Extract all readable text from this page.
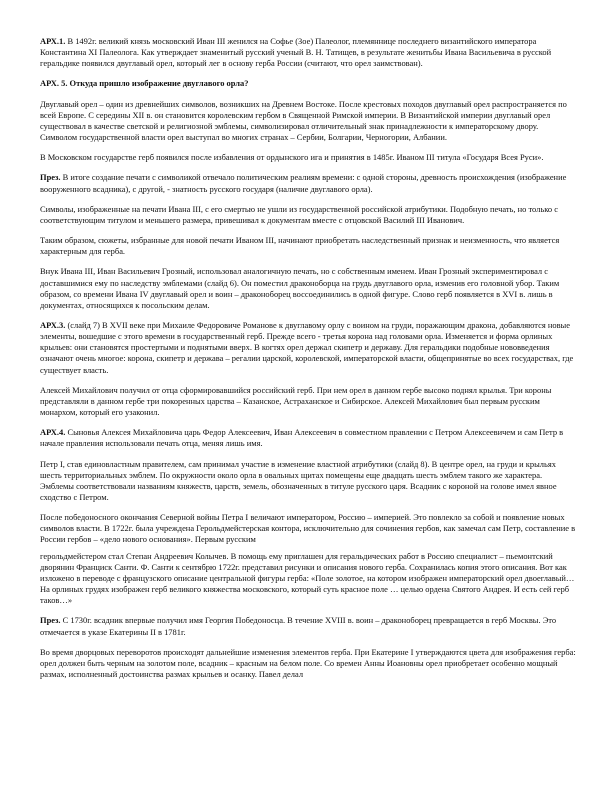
АРХ.1. В 1492г. великий князь московский Иван III женился на Софье (Зое) Палеолог, племяннице последнего византийского императора Константина XI Палеолога. Как утверждает знаменитый русский ученый В. Н. Татищев, в результате женитьбы Ивана Васильевича в русской геральдике появился двуглавый орел, который лег в основу герба России (считают, что орел заимствован).

АРХ. 5. Откуда пришло изображение двуглавого орла?

Двуглавый орел – один из древнейших символов, возникших на Древнем Востоке. После крестовых походов двуглавый орел распространяется по всей Европе. С середины XII в. он становится королевским гербом в Священной Римской империи. В Византийской империи двуглавый орел существовал в качестве светской и религиозной эмблемы, символизировал отличительный знак принадлежности к императорскому двору. Символом государственной власти орел выступал во многих странах – Сербии, Болгарии, Черногории, Албании.

В Московском государстве герб появился после избавления от ордынского ига и принятия в 1485г. Иваном III титула «Государя Всея Руси».

През. В итоге создание печати с символикой отвечало политическим реалиям времени: с одной стороны, древность происхождения (изображение вооруженного всадника), с другой, - знатность русского государя (наличие двуглавого орла).

Символы, изображенные на печати Ивана III, с его смертью не ушли из государственной российской атрибутики. Подобную печать, но только с соответствующим титулом и меньшего размера, привешивал к документам вместе с отцовской Василий III Иванович.

Таким образом, сюжеты, избранные для новой печати Иваном III, начинают приобретать наследственный признак и неизменность, что является характерным для герба.

Внук Ивана III, Иван Васильевич Грозный, использовал аналогичную печать, но с собственным именем. Иван Грозный экспериментировал с доставшимися ему по наследству эмблемами (слайд 6). Он поместил драконоборца на грудь двуглавого орла, изменив его головной убор. Таким образом, со времени Ивана IV двуглавый орел и воин – драконоборец воссоединились в одной фигуре. Слово герб появляется в XVI в. лишь в документах, относящихся к посольским делам.

АРХ.3. (слайд 7) В XVII веке при Михаиле Федоровиче Романове к двуглавому орлу с воином на груди, поражающим дракона, добавляются новые элементы, вошедшие с этого времени в государственный герб. Прежде всего - третья корона над головами орла. Изменяется и форма орлиных крыльев: они становятся простертыми и поднятыми вверх. В когтях орел держал скипетр и державу. Для геральдики подобные нововведения означают очень многое: корона, скипетр и держава – регалии царской, королевской, императорской власти, общепринятые во всех государствах, где существует власть.

Алексей Михайлович получил от отца сформировавшийся российский герб. При нем орел в данном гербе высоко поднял крылья. Три короны представляли в данном гербе три покоренных царства – Казанское, Астраханское и Сибирское. Алексей Михайлович был первым русским монархом, который его узаконил.

АРХ.4. Сыновья Алексея Михайловича царь Федор Алексеевич, Иван Алексеевич в совместном правлении с Петром Алексеевичем и сам Петр в начале правления использовали печать отца, меняя лишь имя.

Петр I, став единовластным правителем, сам принимал участие в изменение властной атрибутики (слайд 8). В центре орел, на груди и крыльях шесть территориальных эмблем. По окружности около орла в овальных щитах помещены еще двадцать шесть эмблем такого же характера. Эмблемы соответствовали названиям княжеств, царств, земель, обозначенных в титуле русского царя. Всадник с короной на голове имел явное сходство с Петром.

После победоносного окончания Северной войны Петра I величают императором, Россию – империей. Это повлекло за собой и появление новых символов власти. В 1722г. была учреждена Герольдмейстерская контора, исключительно для сочинения гербов, как замечал сам Петр, составление в России гербов – «дело нового основания». Первым русским

герольдмейстером стал Степан Андреевич Колычев. В помощь ему приглашен для геральдических работ в Россию специалист – пьемонтский дворянин Франциск Санти. Ф. Санти к сентябрю 1722г. представил рисунки и описания нового герба. Сохранилась копия этого описания. Вот как изложено в переводе с французского описание центральной фигуры герба: «Поле золотое, на котором изображен императорский орел двоеглавый… На орлиных грудях изображен герб великого княжества московского, который суть красное поле … целью орденa Святого Андрея. И есть сей герб таков…»

През. С 1730г. всадник впервые получил имя Георгия Победоносца. В течение XVIII в. воин – драконоборец превращается в герб Москвы. Это отмечается в указе Екатерины II в 1781г.

Во время дворцовых переворотов происходят дальнейшие изменения элементов герба. При Екатерине I утверждаются цвета для изображения герба: орел должен быть черным на золотом поле, всадник – красным на белом поле. Со времен Анны Иоановны орел приобретает особенно мощный размах, исполненный достоинства размах крыльев и осанку. Павел делал
